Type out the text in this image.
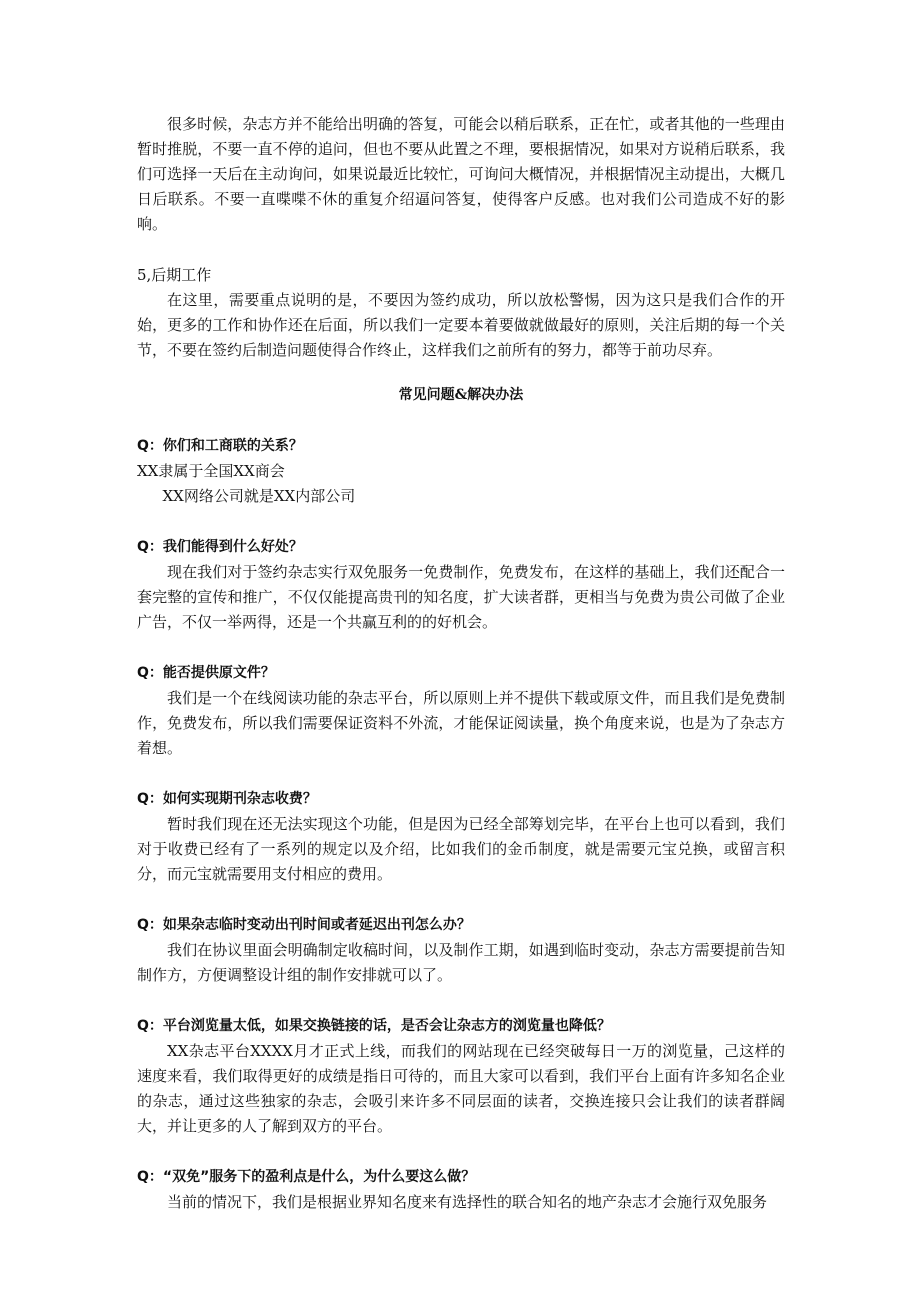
很多时候，杂志方并不能给出明确的答复，可能会以稍后联系，正在忙，或者其他的一些理由暂时推脱，不要一直不停的追问，但也不要从此置之不理，要根据情况，如果对方说稍后联系，我们可选择一天后在主动询问，如果说最近比较忙，可询问大概情况，并根据情况主动提出，大概几日后联系。不要一直喋喋不休的重复介绍逼问答复，使得客户反感。也对我们公司造成不好的影响。

5,后期工作

在这里，需要重点说明的是，不要因为签约成功，所以放松警惕，因为这只是我们合作的开始，更多的工作和协作还在后面，所以我们一定要本着要做就做最好的原则，关注后期的每一个关节，不要在签约后制造问题使得合作终止，这样我们之前所有的努力，都等于前功尽弃。

常见问题&解决办法

Q：你们和工商联的关系？

XX隶属于全国XX商会

XX网络公司就是XX内部公司

Q：我们能得到什么好处？

现在我们对于签约杂志实行双免服务一免费制作，免费发布，在这样的基础上，我们还配合一套完整的宣传和推广，不仅仅能提高贵刊的知名度，扩大读者群，更相当与免费为贵公司做了企业广告，不仅一举两得，还是一个共赢互利的的好机会。

Q：能否提供原文件？

我们是一个在线阅读功能的杂志平台，所以原则上并不提供下载或原文件，而且我们是免费制作，免费发布，所以我们需要保证资料不外流，才能保证阅读量，换个角度来说，也是为了杂志方着想。

Q：如何实现期刊杂志收费？

暂时我们现在还无法实现这个功能，但是因为已经全部筹划完毕，在平台上也可以看到，我们对于收费已经有了一系列的规定以及介绍，比如我们的金币制度，就是需要元宝兑换，或留言积分，而元宝就需要用支付相应的费用。

Q：如果杂志临时变动出刊时间或者延迟出刊怎么办？

我们在协议里面会明确制定收稿时间，以及制作工期，如遇到临时变动，杂志方需要提前告知制作方，方便调整设计组的制作安排就可以了。

Q：平台浏览量太低，如果交换链接的话，是否会让杂志方的浏览量也降低？

XX杂志平台XXXX月才正式上线，而我们的网站现在已经突破每日一万的浏览量，己这样的速度来看，我们取得更好的成绩是指日可待的，而且大家可以看到，我们平台上面有许多知名企业的杂志，通过这些独家的杂志，会吸引来许多不同层面的读者，交换连接只会让我们的读者群阔大，并让更多的人了解到双方的平台。

Q：“双免”服务下的盈利点是什么，为什么要这么做？

当前的情况下，我们是根据业界知名度来有选择性的联合知名的地产杂志才会施行双免服务
